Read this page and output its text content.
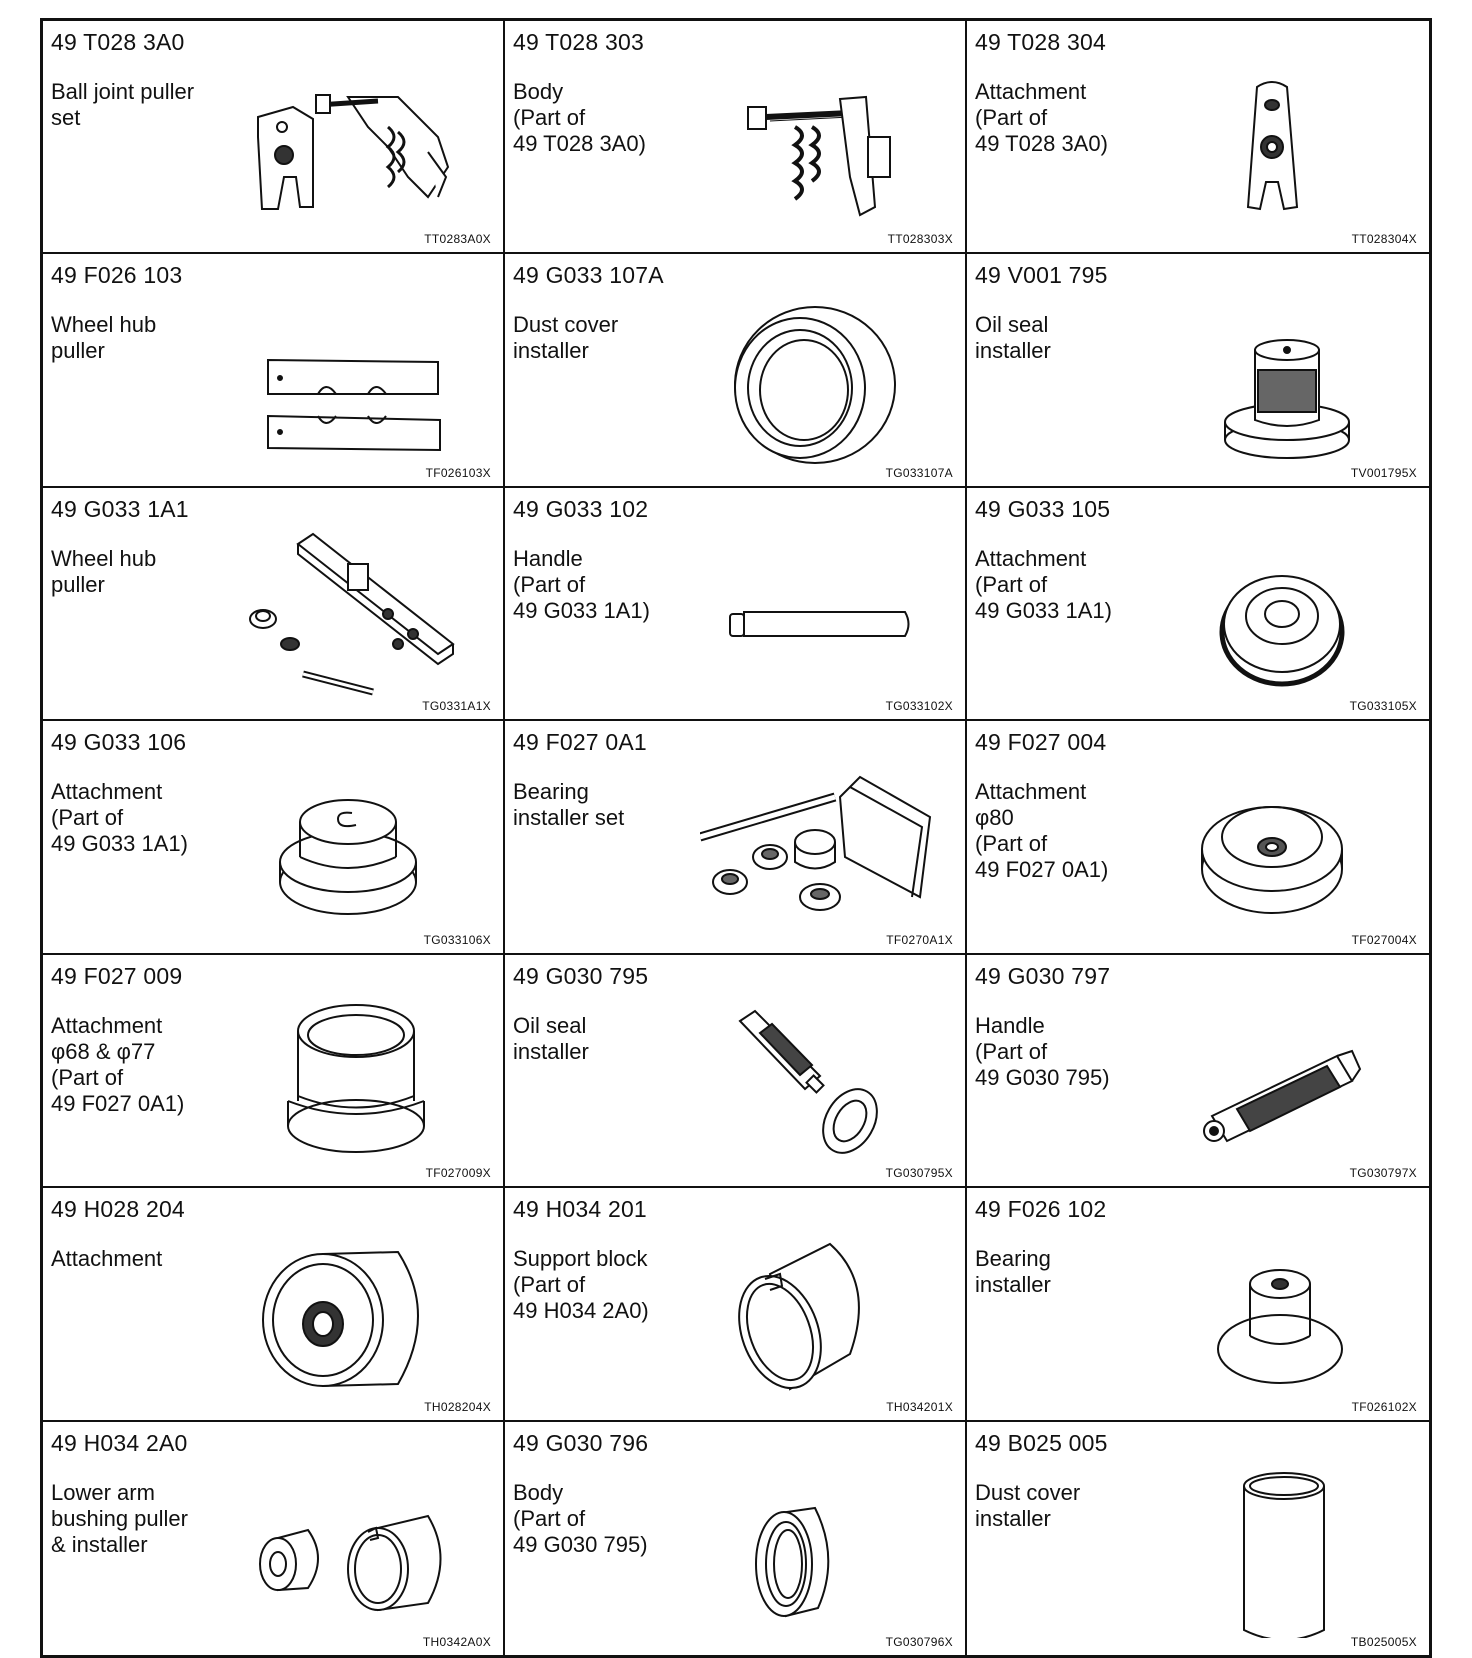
49 T028 3A0
Ball joint puller
set
TT0283A0X
49 T028 303
Body
(Part of
49 T028 3A0)
TT028303X
49 T028 304
Attachment
(Part of
49 T028 3A0)
TT028304X
49 F026 103
Wheel hub
puller
TF026103X
49 G033 107A
Dust cover
installer
TG033107A
49 V001 795
Oil seal
installer
TV001795X
49 G033 1A1
Wheel hub
puller
TG0331A1X
49 G033 102
Handle
(Part of
49 G033 1A1)
TG033102X
49 G033 105
Attachment
(Part of
49 G033 1A1)
TG033105X
49 G033 106
Attachment
(Part of
49 G033 1A1)
TG033106X
49 F027 0A1
Bearing
installer set
TF0270A1X
49 F027 004
Attachment
φ80
(Part of
49 F027 0A1)
TF027004X
49 F027 009
Attachment
φ68 & φ77
(Part of
49 F027 0A1)
TF027009X
49 G030 795
Oil seal
installer
TG030795X
49 G030 797
Handle
(Part of
49 G030 795)
TG030797X
49 H028 204
Attachment
TH028204X
49 H034 201
Support block
(Part of
49 H034 2A0)
TH034201X
49 F026 102
Bearing
installer
TF026102X
49 H034 2A0
Lower arm
bushing puller
& installer
TH0342A0X
49 G030 796
Body
(Part of
49 G030 795)
TG030796X
49 B025 005
Dust cover
installer
TB025005X
